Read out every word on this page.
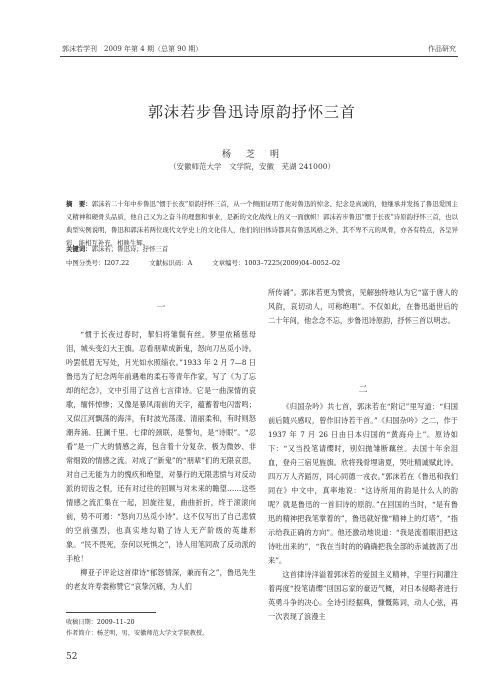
郭沫若学刊　2009 年第 4 期（总第 90 期）	作品研究
郭沫若步鲁迅诗原韵抒怀三首
杨　芝　明
（安徽师范大学　文学院，安徽　芜湖 241000）
摘　要：郭沫若二十年中步鲁迅“惯于长夜”原韵抒怀三首，从一个侧面证明了他对鲁迅的悼念、纪念是真诚的，他继承并发扬了鲁迅爱国主义精神和硬骨头品质，他自己又为之奋斗的理想和事业，是新的文化战线上的又一面旗帜！郭沫若步鲁迅“惯于长夜”诗原韵抒怀三首，也以典型实例说明，鲁迅和郭沫若两位现代文学史上的文化伟人，他们的旧体诗都具有鲁迅风格之外，其不卑不亢的风骨，亦各有特点，各呈异彩，能相互补充，相映生辉。
关键词：郭沫若；鲁迅诗；抒怀三首
中图分类号：I207.22	文献标识码：A	文章编号：1003–7225(2009)04–0052–02
一

“惯于长夜过春时，挈妇将雏鬓有丝。梦里依稀慈母泪，城头变幻大王旗。忍看朋辈成新鬼，怒向刀丛觅小诗。吟罢低眉无写处，月光如水照缁衣。”1933 年 2 月 7—8 日鲁迅为了纪念两年前遇难的柔石等青年作家，写了《为了忘却的纪念》，文中引用了这首七言律诗。它是一曲深情的哀歌，缅怀悼惨；又像是暴风雨前的天字，蕴蓄着电闪雷鸣；又似江河飘荡的海洋，有时波光荡漾、清丽柔和，有时则怒潮奔涌、狂澜千里。七律的颈联，是警句，是“诗眼”。“忍看”是一广大的情感之海，包含着十分复杂、极为微妙、非常细致的情感之流。对成了“新鬼”的“朋辈”们的无限哀思，对自己无能为力的愧疚和绝望，对暴行的无限悲愤与对反动派的切齿之恨，还有对过往的回顾与对未来的瞻望……这些情感之流汇集在一起，回旋往复，曲曲折折，终于滚滚向前，势不可遏：“怒向刀丛觅小诗”。这不仅写出了自己悲愤的空前强烈，也真实地勾勒了诗人无产阶级的英雄形象。“民不畏死，奈何以死惧之”，诗人用笔同敌了反动派的手枪！

柳亚子评论这首律诗“郁怒情深，兼而有之”，鲁迅先生的老友许寿裳称赞它“哀挚沉痛，为人们

所传诵”。郭沫若更为赞赏，见解独特地认为它“富于唐人的风韵，哀切动人，可称绝唱”。不仅如此，在鲁迅逝世后的二十年间，他念念不忘，步鲁迅诗原韵，抒怀三首以明志。

二

《归国杂吟》共七首，郭沫若在“附记”里写道：“归国前后随兴感叹，曾作旧诗若干首。”《归国杂吟》之二，作于 1937 年 7 月 26 日由日本归国的“黄海舟上”。原诗如下：“又当投笔请缨时，别妇抛雏断藕丝。去国十年余泪血，登舟三宿见旌旗。欣将残骨埋诸夏，哭吐精诚赋此诗。四万万人齐蹈厉，同心同德一戎衣。”郭沫若在《鲁迅和我们同在》中文中，真率地说：“这诗所用的韵是什么人的韵呢？就是鲁迅的一首旧诗的原韵。”在回国的当时，“是有鲁迅的精神把我笔掌着的”，鲁迅就好像“精神上的灯塔”，“指示给我正确的方向”。他还激动地说道：“我是流着眼泪把这诗吐出来的”，“我在当时的的确确把我全部的赤诚披沥了出来”。

这首律诗洋溢着郭沫若的爱国主义精神，字里行间灌注着再度“投笔请缨”回国忘家的豪迈气概，对日本侵略者进行英勇斗争的决心。全诗引经据典，慷慨陈词，动人心弦，再一次表现了浪漫主

收稿日期：2009–11–20
作者简介：杨芝明，男，安徽师范大学文学院教授。
52
